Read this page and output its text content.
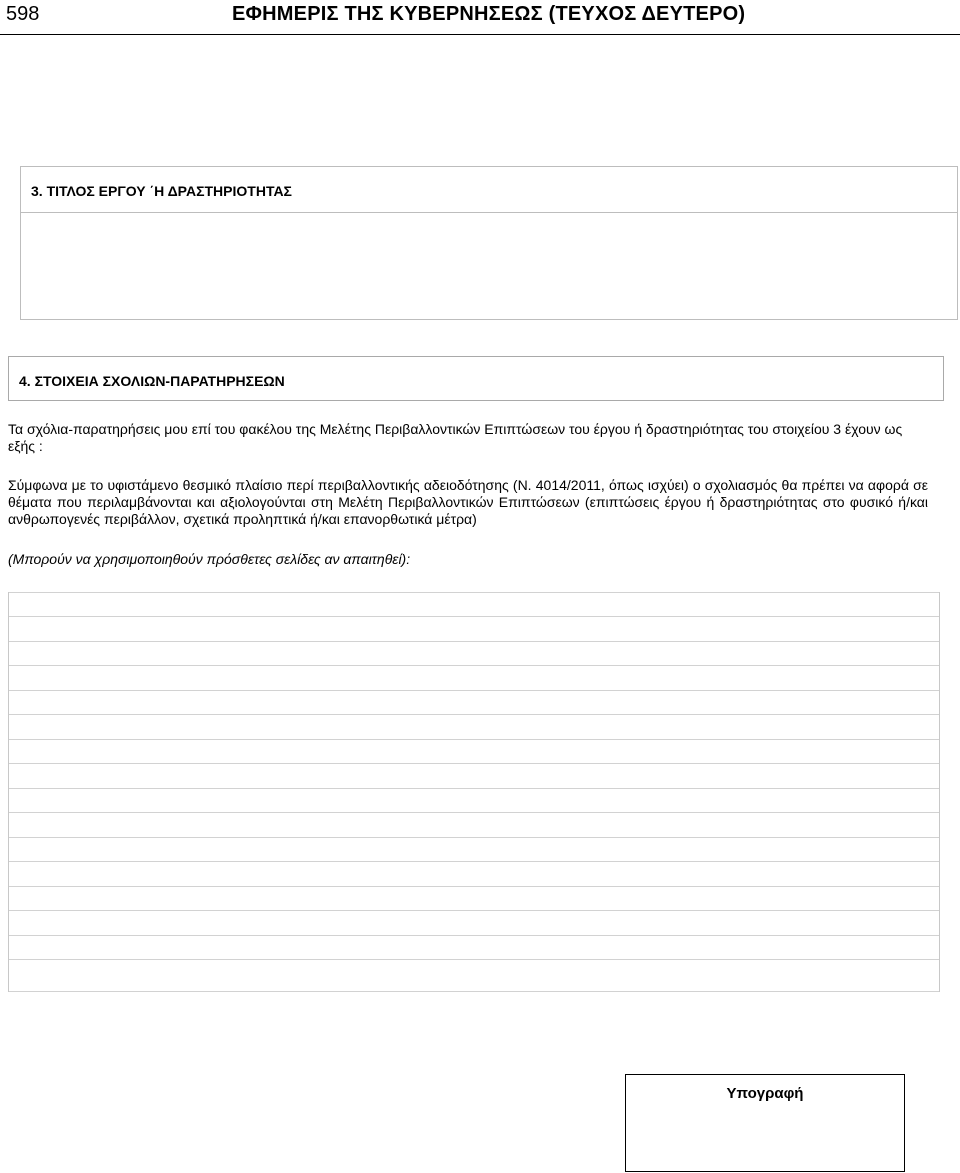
598	ΕΦΗΜΕΡΙΣ ΤΗΣ ΚΥΒΕΡΝΗΣΕΩΣ (ΤΕΥΧΟΣ ΔΕΥΤΕΡΟ)
3. ΤΙΤΛΟΣ ΕΡΓΟΥ ΄Η ΔΡΑΣΤΗΡΙΟΤΗΤΑΣ
4. ΣΤΟΙΧΕΙΑ ΣΧΟΛΙΩΝ-ΠΑΡΑΤΗΡΗΣΕΩΝ
Τα σχόλια-παρατηρήσεις μου επί του φακέλου της Μελέτης Περιβαλλοντικών Επιπτώσεων του έργου ή δραστηριότητας του στοιχείου 3 έχουν ως εξής :
Σύμφωνα με το υφιστάμενο θεσμικό πλαίσιο περί περιβαλλοντικής αδειοδότησης (Ν. 4014/2011, όπως ισχύει) ο σχολιασμός θα πρέπει να αφορά σε θέματα που περιλαμβάνονται και αξιολογούνται στη Μελέτη Περιβαλλοντικών Επιπτώσεων (επιπτώσεις έργου ή δραστηριότητας στο φυσικό ή/και ανθρωπογενές περιβάλλον, σχετικά προληπτικά ή/και επανορθωτικά μέτρα)
(Μπορούν να χρησιμοποιηθούν πρόσθετες σελίδες αν απαιτηθεί):
Υπογραφή
